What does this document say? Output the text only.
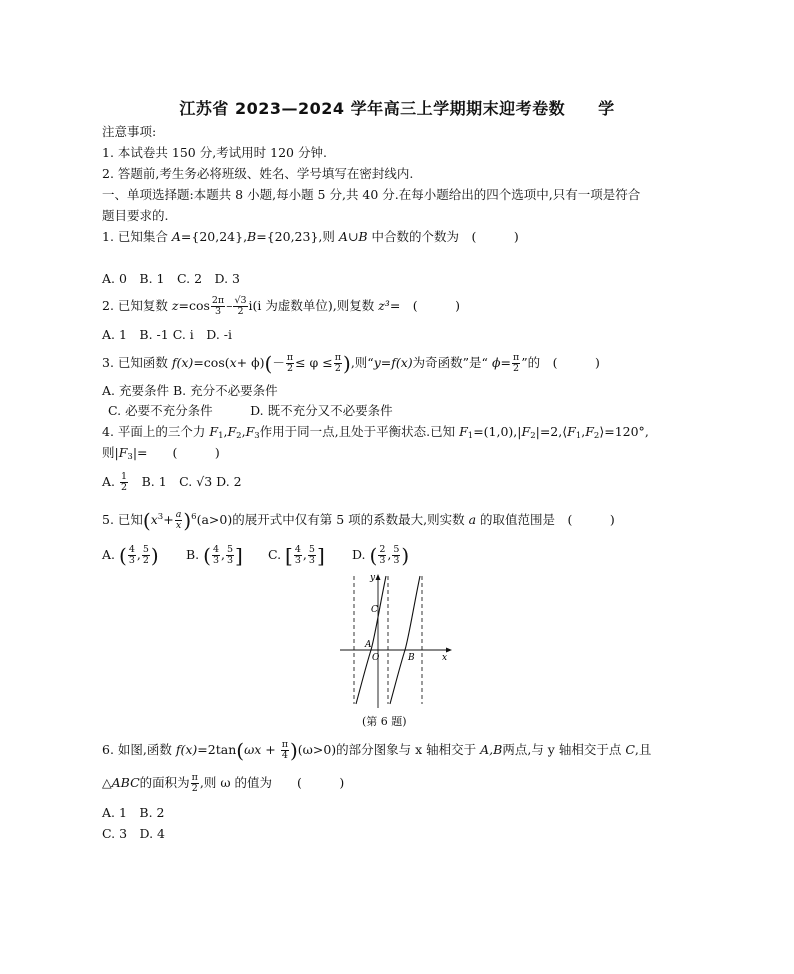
江苏省 2023—2024 学年高三上学期期末迎考卷数　　学
注意事项:
1. 本试卷共 150 分,考试用时 120 分钟.
2. 答题前,考生务必将班级、姓名、学号填写在密封线内.
一、单项选择题:本题共 8 小题,每小题 5 分,共 40 分.在每小题给出的四个选项中,只有一项是符合
题目要求的.
1. 已知集合 A={20,24},B={20,23},则 A∪B 中合数的个数为　(　　　)
A. 0　B. 1　C. 2　D. 3
2. 已知复数 $z=\cos \frac{2\pi}{3} - \frac{√3}{2} i(i$ 为虚数单位),则复数 z³=　(　　　)
A. 1　B. -1 C. i　D. -i
3. 已知函数 $f(x)=\cos(x+ \phi)(- \frac{\pi}{2} \le \varphi \le \frac{\pi}{2}$ ),则“y=f(x)为奇函数”是“ $\phi= \frac{\pi}{2}$ ”的　(　　　)
A. 充要条件 B. 充分不必要条件
C. 必要不充分条件　　　D. 既不充分又不必要条件
4. 平面上的三个力 $F_1,F_2,F_3$作用于同一点,且处于平衡状态.已知 $F_1=(1,0),|F_2|=2,⟨F_1,F_2⟩=120^\circ$,
则$|F_3|=$　　(　　　)
A. $\frac{1}{2}$
　 B. 1　C. √3 D. 2
5. 已知$(x^3+ \frac{a}{x} )^6(a>0)$的展开式中仅有第 5 项的系数最大,则实数 a 的取值范围是　(　　　)
A. ( $\frac{4}{3}$ , $\frac{5}{2}$ ) B. ( $\frac{4}{3}$ , $\frac{5}{3}$ ] C. [ $\frac{4}{3}$ , $\frac{5}{3}$ ] D. ( $\frac{2}{3}$ , $\frac{5}{3}$ )
y
x
C
A
O	B
(第 6 题)
6. 如图,函数 $f(x)=2\tan(\omega x + \frac{\pi}{4} )(\omega>0)$的部分图象与 x 轴相交于 A,B两点,与 y 轴相交于点 C,且
△ABC的面积为 $\frac{\pi}{2}$ ,则 ω 的值为　　(　　　)
A. 1　B. 2
C. 3　D. 4
